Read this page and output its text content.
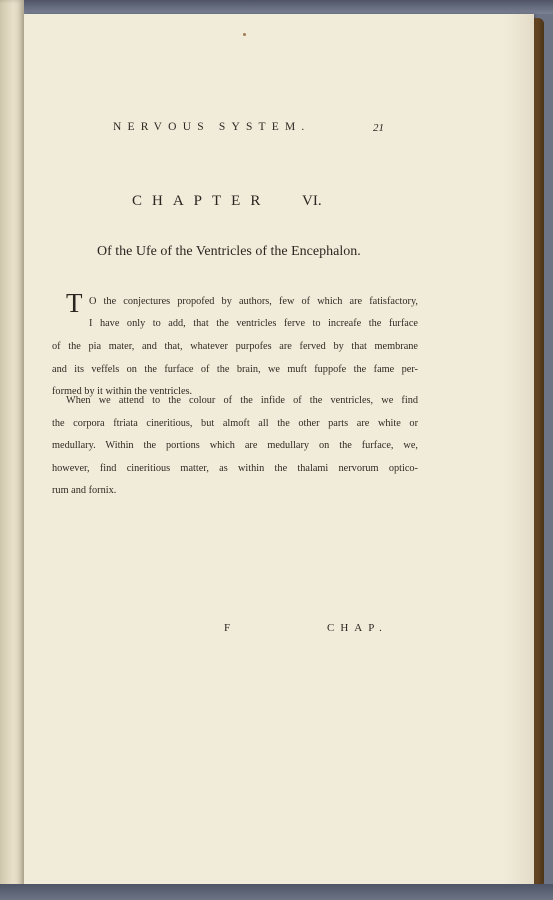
NERVOUS SYSTEM.	21
CHAPTER VI.
Of the Ufe of the Ventricles of the Encephalon.
T O the conjectures propofed by authors, few of which are fatisfactory,
I have only to add, that the ventricles ferve to increafe the furface
of the pia mater, and that, whatever purpofes are ferved by that membrane
and its veffels on the furface of the brain, we muft fuppofe the fame per-
formed by it within the ventricles.
When we attend to the colour of the infide of the ventricles, we find
the corpora ftriata cineritious, but almoft all the other parts are white or
medullary. Within the portions which are medullary on the furface, we,
however, find cineritious matter, as within the thalami nervorum optico-
rum and fornix.
F	CHAP.
